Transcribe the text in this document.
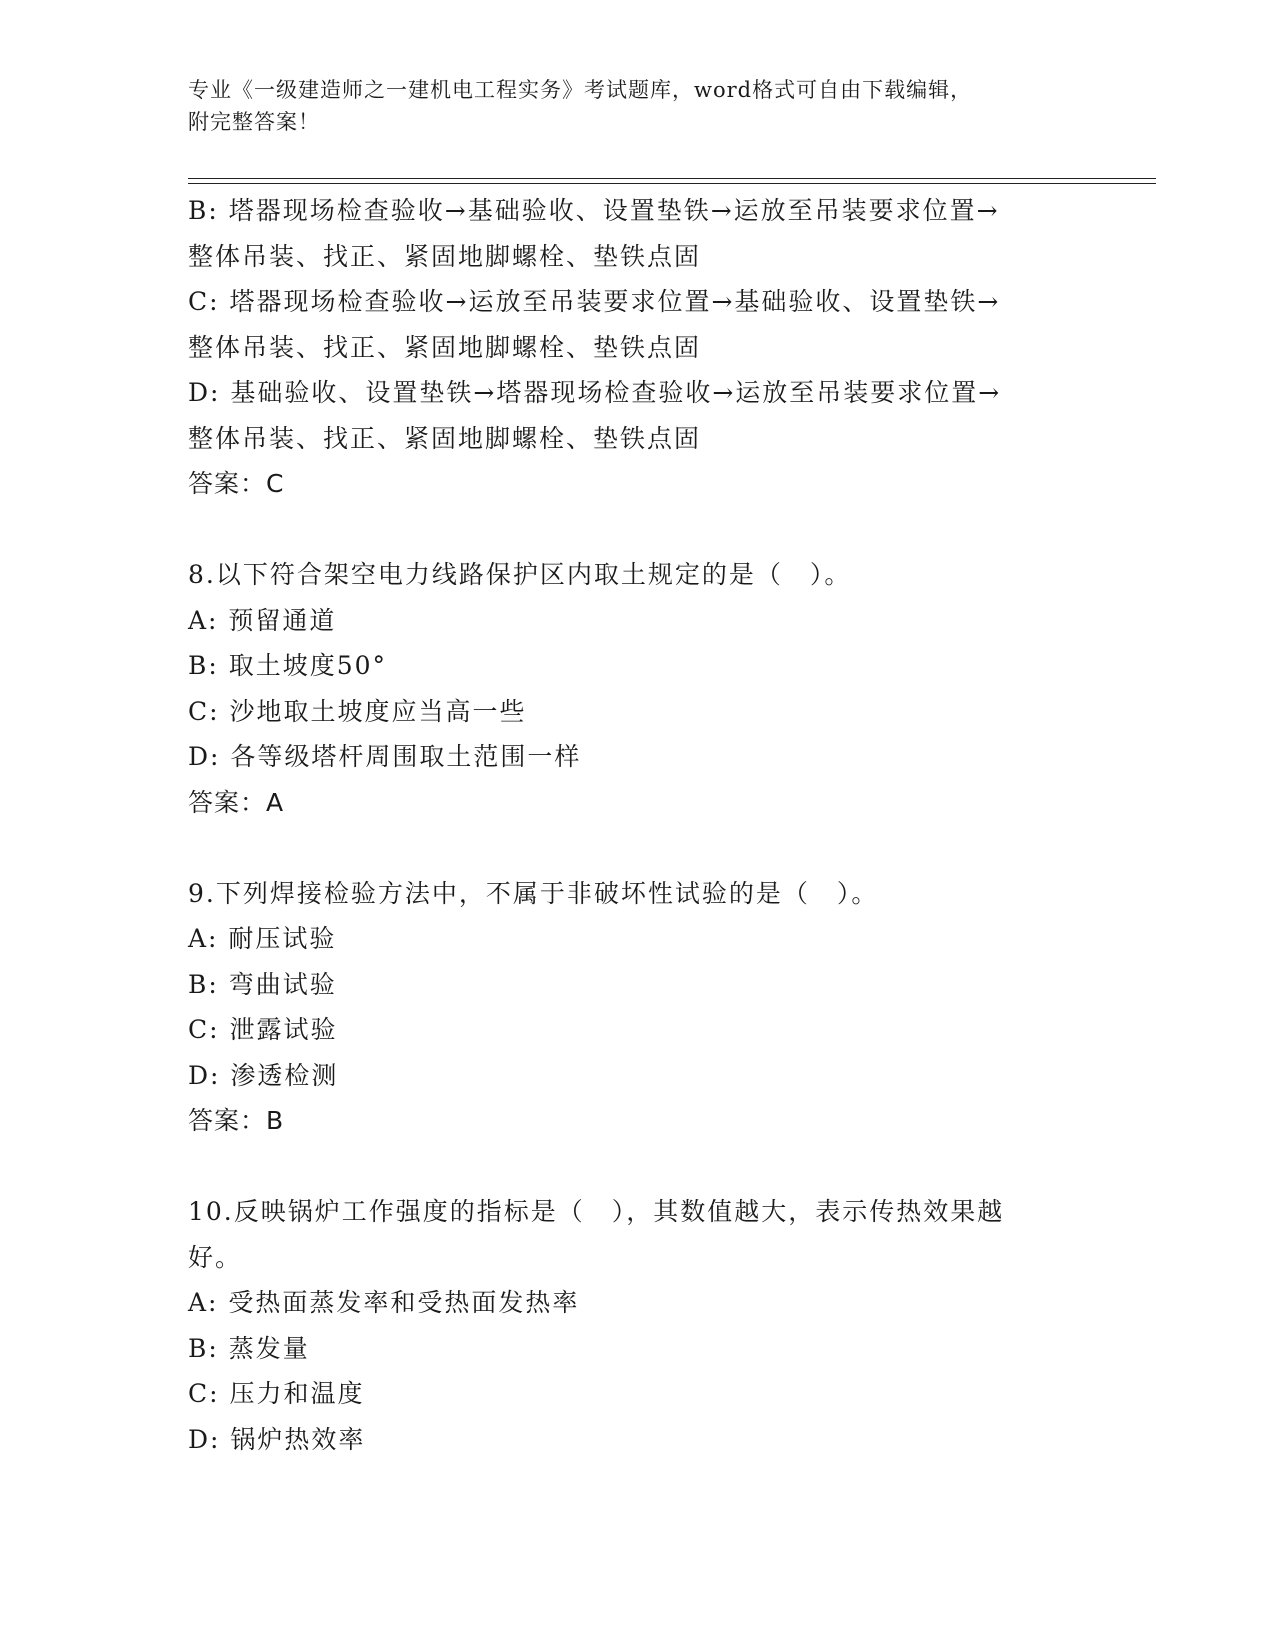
专业《一级建造师之一建机电工程实务》考试题库，word格式可自由下载编辑，
附完整答案！
B: 塔器现场检查验收→基础验收、设置垫铁→运放至吊装要求位置→
整体吊装、找正、紧固地脚螺栓、垫铁点固
C: 塔器现场检查验收→运放至吊装要求位置→基础验收、设置垫铁→
整体吊装、找正、紧固地脚螺栓、垫铁点固
D: 基础验收、设置垫铁→塔器现场检查验收→运放至吊装要求位置→
整体吊装、找正、紧固地脚螺栓、垫铁点固
答案：C
8.以下符合架空电力线路保护区内取土规定的是（　）。
A: 预留通道
B: 取土坡度50°
C: 沙地取土坡度应当高一些
D: 各等级塔杆周围取土范围一样
答案：A
9.下列焊接检验方法中，不属于非破坏性试验的是（　）。
A: 耐压试验
B: 弯曲试验
C: 泄露试验
D: 渗透检测
答案：B
10.反映锅炉工作强度的指标是（　），其数值越大，表示传热效果越
好。
A: 受热面蒸发率和受热面发热率
B: 蒸发量
C: 压力和温度
D: 锅炉热效率
